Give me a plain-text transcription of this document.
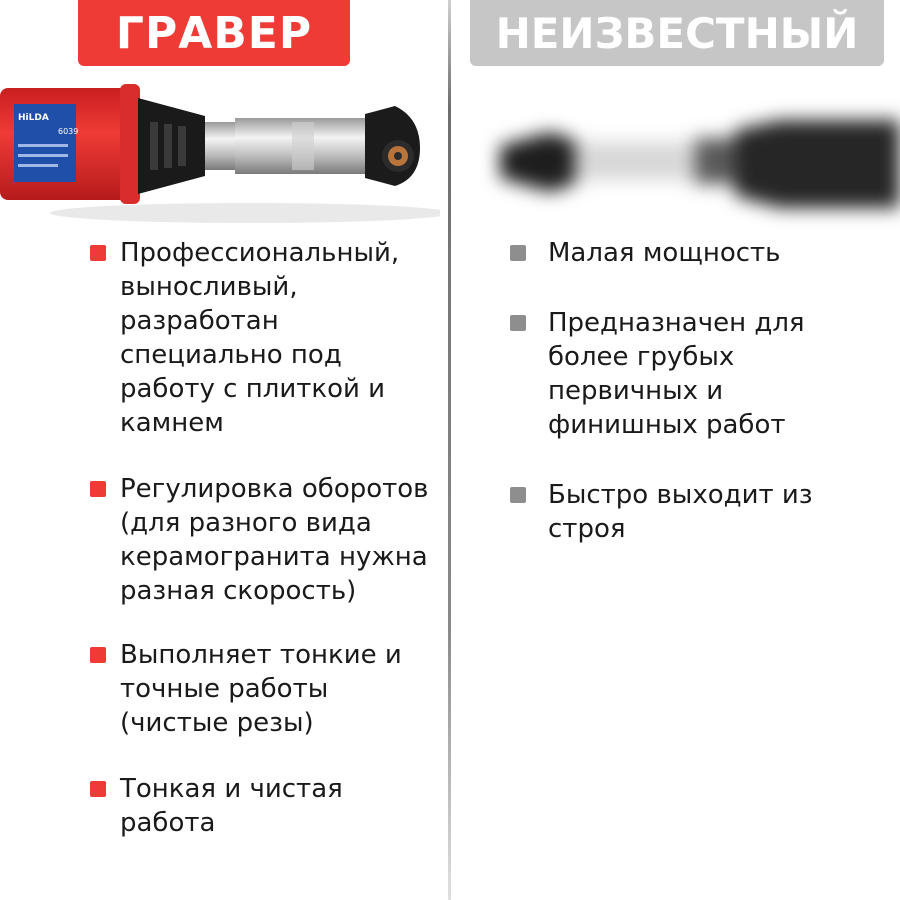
ГРАВЕР	НЕИЗВЕСТНЫЙ
HiLDA
6039
Профессиональный, выносливый, разработан специально под работу с плиткой и камнем
Регулировка оборотов (для разного вида керамогранита нужна разная скорость)
Выполняет тонкие и точные работы (чистые резы)
Тонкая и чистая работа
Малая мощность
Предназначен для более грубых первичных и финишных работ
Быстро выходит из строя
